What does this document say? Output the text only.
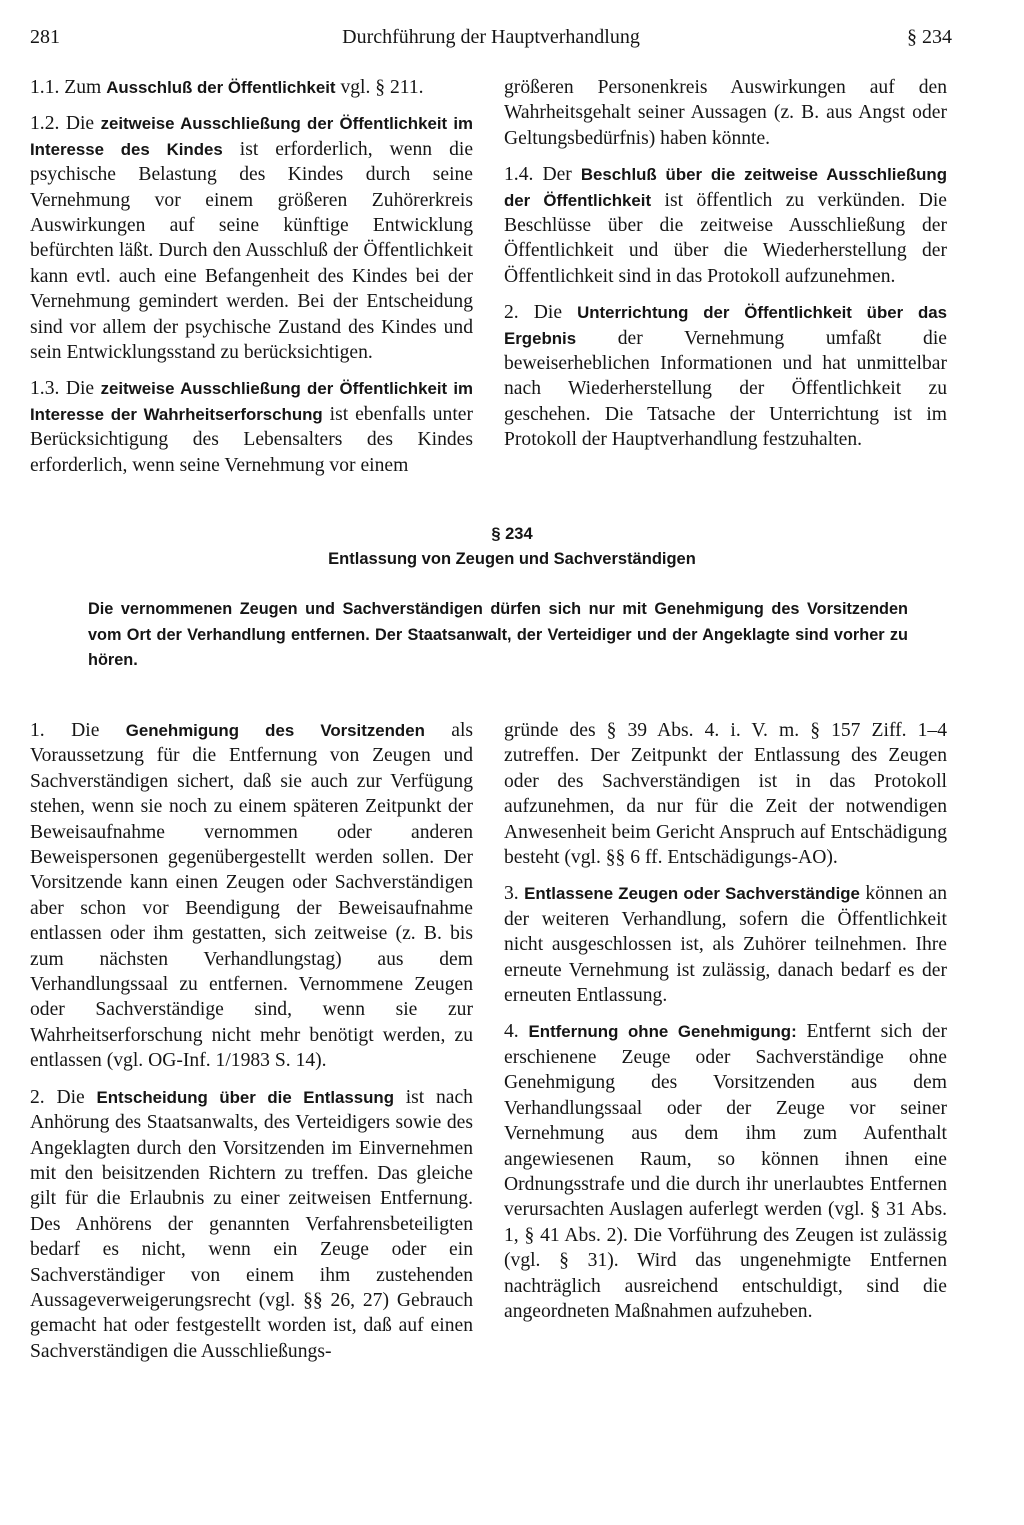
281	Durchführung der Hauptverhandlung	§ 234

1.1. Zum Ausschluß der Öffentlichkeit vgl. § 211.

1.2. Die zeitweise Ausschließung der Öffentlichkeit im Interesse des Kindes ist erforderlich, wenn die psychische Belastung des Kindes durch seine Vernehmung vor einem größeren Zuhörerkreis Auswirkungen auf seine künftige Entwicklung befürchten läßt. Durch den Ausschluß der Öffentlichkeit kann evtl. auch eine Befangenheit des Kindes bei der Vernehmung gemindert werden. Bei der Entscheidung sind vor allem der psychische Zustand des Kindes und sein Entwicklungsstand zu berücksichtigen.

1.3. Die zeitweise Ausschließung der Öffentlichkeit im Interesse der Wahrheitserforschung ist ebenfalls unter Berücksichtigung des Lebensalters des Kindes erforderlich, wenn seine Vernehmung vor einem

größeren Personenkreis Auswirkungen auf den Wahrheitsgehalt seiner Aussagen (z. B. aus Angst oder Geltungsbedürfnis) haben könnte.

1.4. Der Beschluß über die zeitweise Ausschließung der Öffentlichkeit ist öffentlich zu verkünden. Die Beschlüsse über die zeitweise Ausschließung der Öffentlichkeit und über die Wiederherstellung der Öffentlichkeit sind in das Protokoll aufzunehmen.

2. Die Unterrichtung der Öffentlichkeit über das Ergebnis der Vernehmung umfaßt die beweiserheblichen Informationen und hat unmittelbar nach Wiederherstellung der Öffentlichkeit zu geschehen. Die Tatsache der Unterrichtung ist im Protokoll der Hauptverhandlung festzuhalten.

§ 234
Entlassung von Zeugen und Sachverständigen
Die vernommenen Zeugen und Sachverständigen dürfen sich nur mit Genehmigung des Vorsitzenden vom Ort der Verhandlung entfernen. Der Staatsanwalt, der Verteidiger und der Angeklagte sind vorher zu hören.

1. Die Genehmigung des Vorsitzenden als Voraussetzung für die Entfernung von Zeugen und Sachverständigen sichert, daß sie auch zur Verfügung stehen, wenn sie noch zu einem späteren Zeitpunkt der Beweisaufnahme vernommen oder anderen Beweispersonen gegenübergestellt werden sollen. Der Vorsitzende kann einen Zeugen oder Sachverständigen aber schon vor Beendigung der Beweisaufnahme entlassen oder ihm gestatten, sich zeitweise (z. B. bis zum nächsten Verhandlungstag) aus dem Verhandlungssaal zu entfernen. Vernommene Zeugen oder Sachverständige sind, wenn sie zur Wahrheitserforschung nicht mehr benötigt werden, zu entlassen (vgl. OG-Inf. 1/1983 S. 14).

2. Die Entscheidung über die Entlassung ist nach Anhörung des Staatsanwalts, des Verteidigers sowie des Angeklagten durch den Vorsitzenden im Einvernehmen mit den beisitzenden Richtern zu treffen. Das gleiche gilt für die Erlaubnis zu einer zeitweisen Entfernung. Des Anhörens der genannten Verfahrensbeteiligten bedarf es nicht, wenn ein Zeuge oder ein Sachverständiger von einem ihm zustehenden Aussageverweigerungsrecht (vgl. §§ 26, 27) Gebrauch gemacht hat oder festgestellt worden ist, daß auf einen Sachverständigen die Ausschließungs-

gründe des § 39 Abs. 4. i. V. m. § 157 Ziff. 1–4 zutreffen. Der Zeitpunkt der Entlassung des Zeugen oder des Sachverständigen ist in das Protokoll aufzunehmen, da nur für die Zeit der notwendigen Anwesenheit beim Gericht Anspruch auf Entschädigung besteht (vgl. §§ 6 ff. Entschädigungs-AO).

3. Entlassene Zeugen oder Sachverständige können an der weiteren Verhandlung, sofern die Öffentlichkeit nicht ausgeschlossen ist, als Zuhörer teilnehmen. Ihre erneute Vernehmung ist zulässig, danach bedarf es der erneuten Entlassung.

4. Entfernung ohne Genehmigung: Entfernt sich der erschienene Zeuge oder Sachverständige ohne Genehmigung des Vorsitzenden aus dem Verhandlungssaal oder der Zeuge vor seiner Vernehmung aus dem ihm zum Aufenthalt angewiesenen Raum, so können ihnen eine Ordnungsstrafe und die durch ihr unerlaubtes Entfernen verursachten Auslagen auferlegt werden (vgl. § 31 Abs. 1, § 41 Abs. 2). Die Vorführung des Zeugen ist zulässig (vgl. § 31). Wird das ungenehmigte Entfernen nachträglich ausreichend entschuldigt, sind die angeordneten Maßnahmen aufzuheben.
